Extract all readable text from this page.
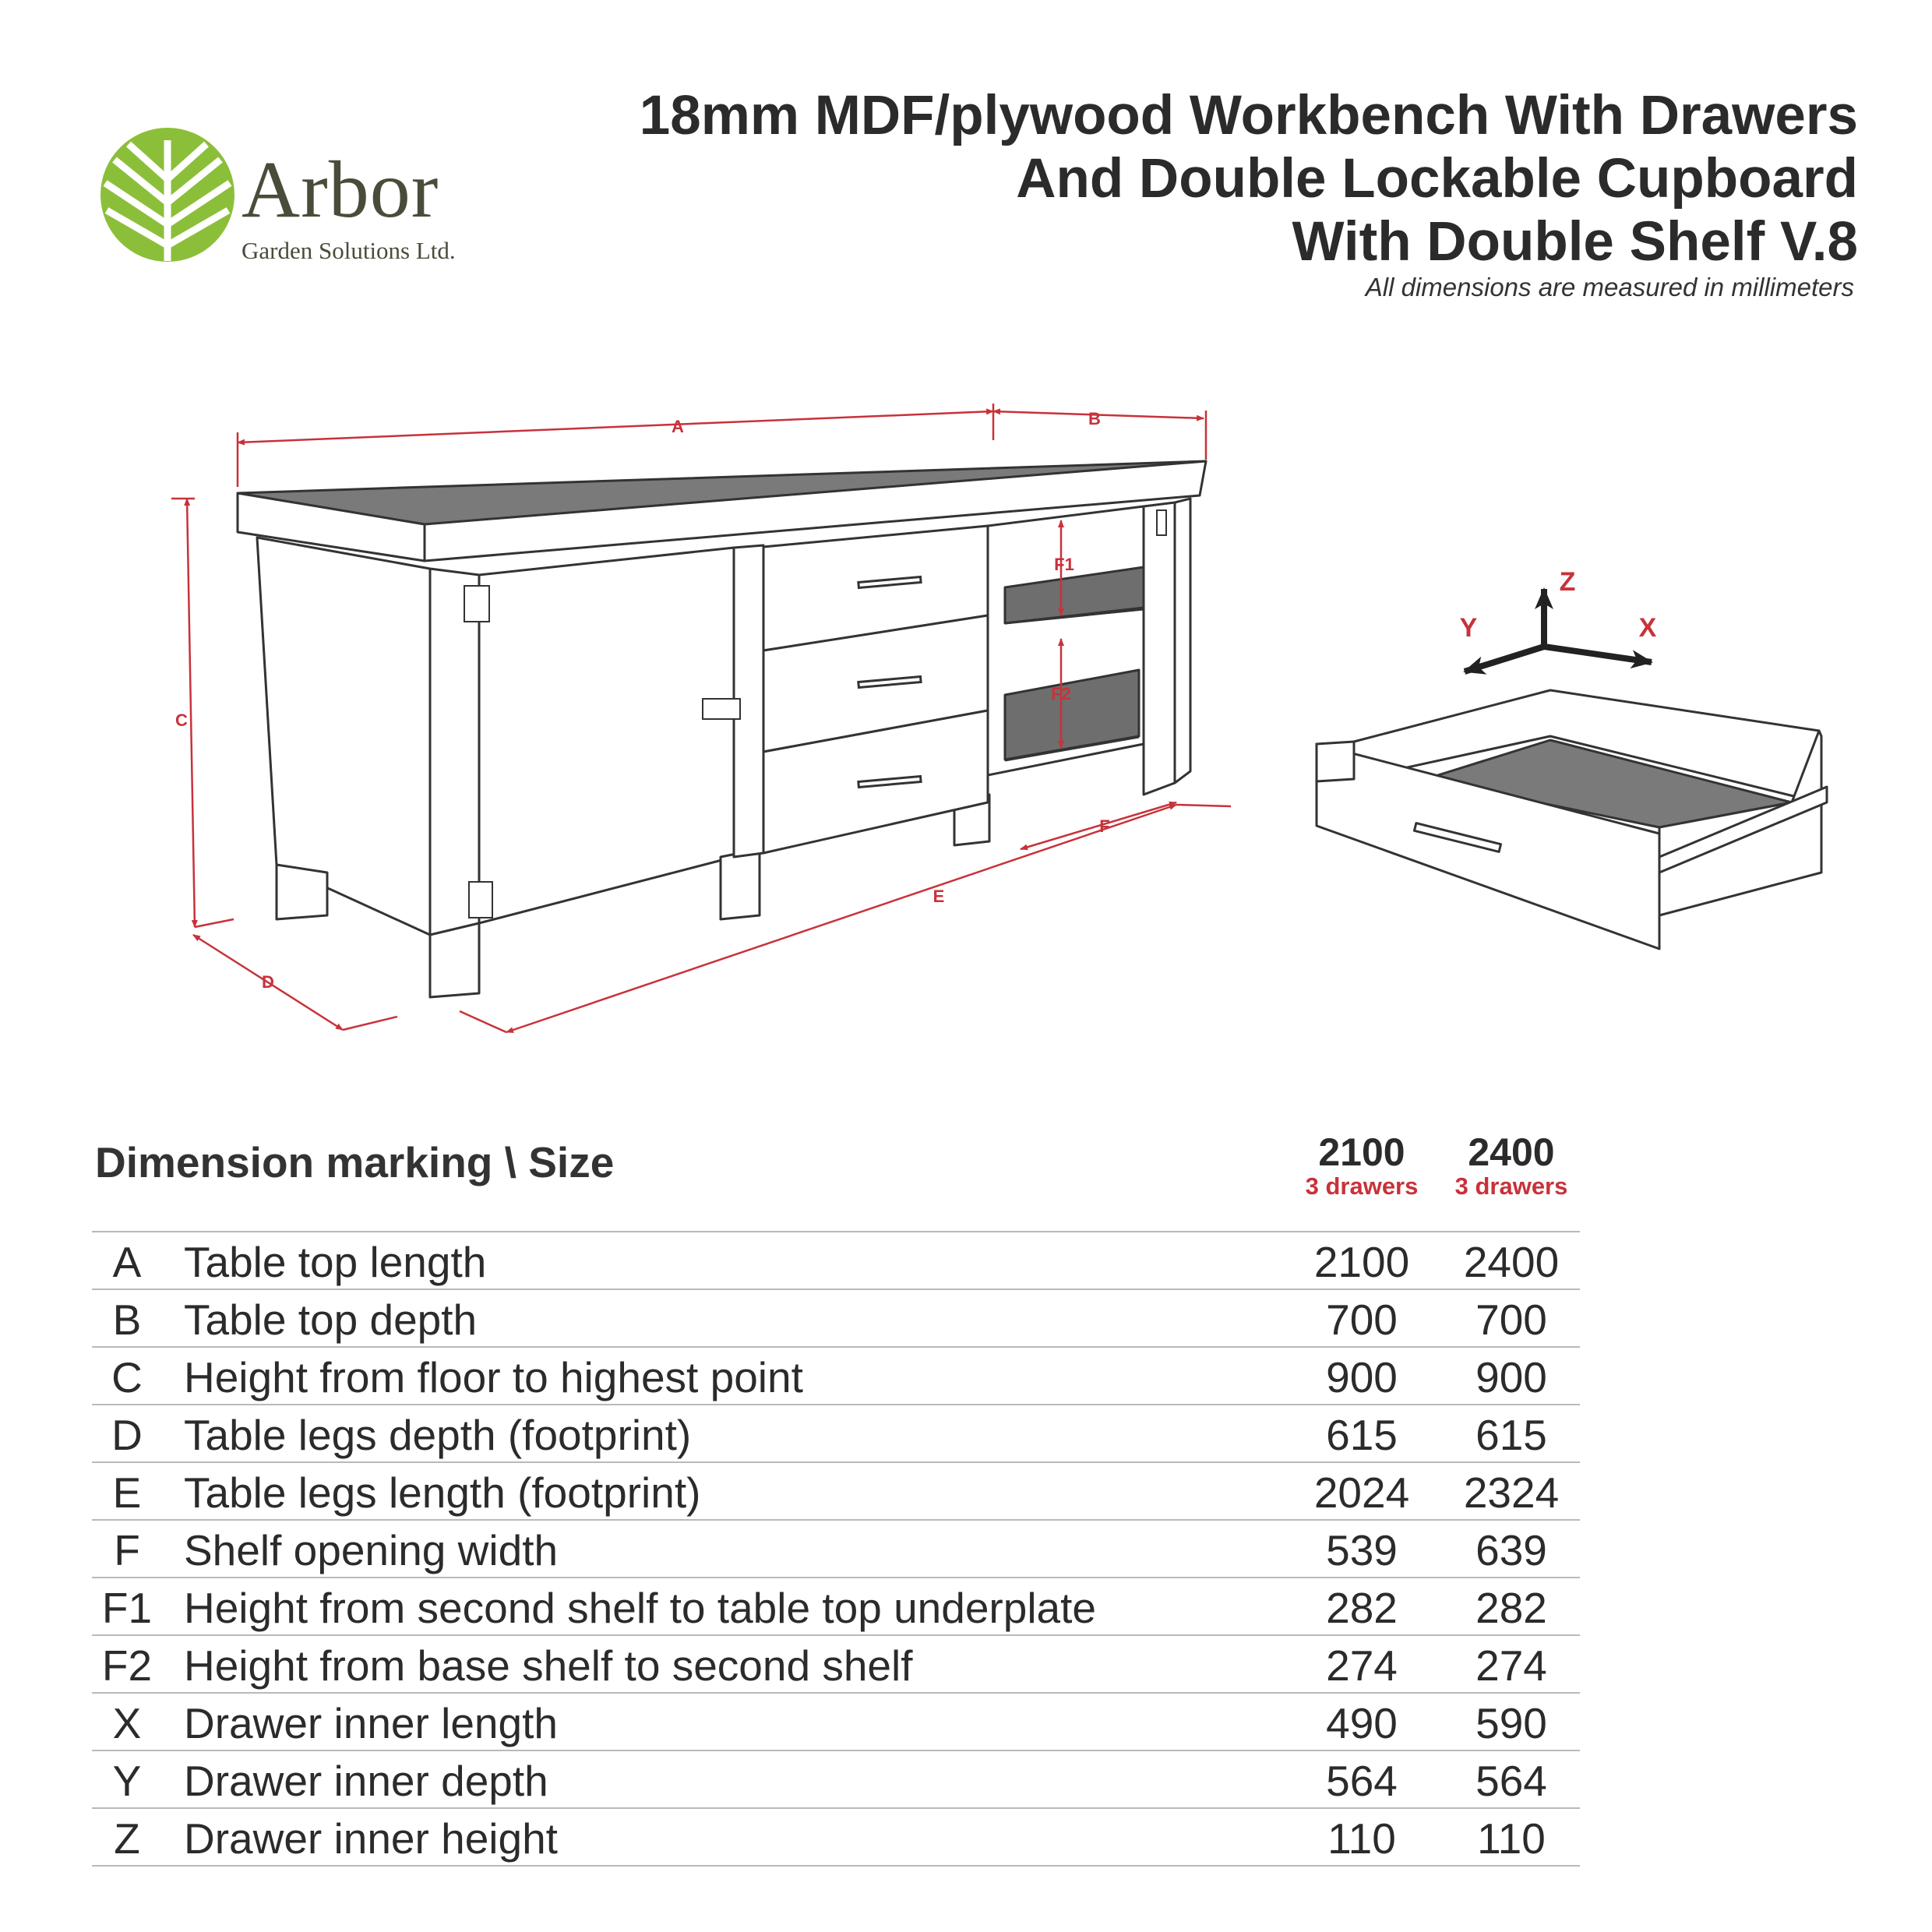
Arbor
Garden Solutions Ltd.
18mm MDF/plywood Workbench With Drawers
And Double Lockable Cupboard
With Double Shelf V.8
All dimensions are measured in millimeters
A	B
C
D
E
F
F1
F2
Z
Y	X
Dimension marking \ Size	2100
3 drawers
2400
3 drawers
A Table top length	2100	2400
B Table top depth	700	700
C Height from floor to highest point	900	900
D Table legs depth (footprint)	615	615
E Table legs length (footprint)	2024	2324
F	Shelf opening width	539	639
F1 Height from second shelf to table top underplate	282	282
F2 Height from base shelf to second shelf	274	274
X Drawer inner length	490	590
Y Drawer inner depth	564	564
Z	Drawer inner height	110	110
